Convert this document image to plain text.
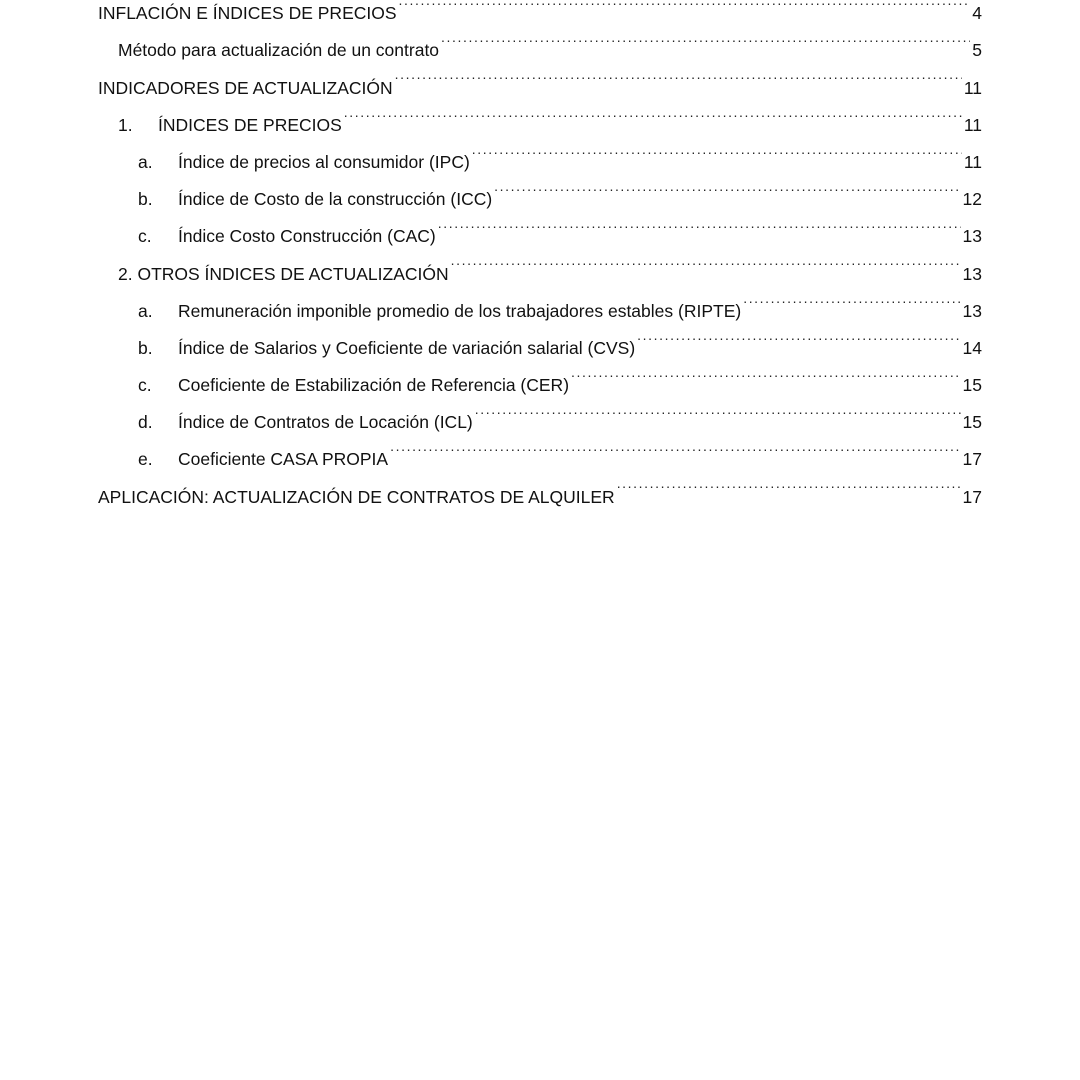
INFLACIÓN E ÍNDICES DE PRECIOS .....	4
Método para actualización de un contrato .....	5
INDICADORES DE ACTUALIZACIÓN .....	11
1.	ÍNDICES DE PRECIOS .....	11
a.	Índice de precios al consumidor (IPC) .....	11
b.	Índice de Costo de la construcción (ICC) .....	12
c.	Índice Costo Construcción (CAC) .....	13
2. OTROS ÍNDICES DE ACTUALIZACIÓN .....	13
a.	Remuneración imponible promedio de los trabajadores estables (RIPTE) .....	13
b.	Índice de Salarios y Coeficiente de variación salarial (CVS) .....	14
c.	Coeficiente de Estabilización de Referencia (CER) .....	15
d.	Índice de Contratos de Locación (ICL) .....	15
e.	Coeficiente CASA PROPIA .....	17
APLICACIÓN: ACTUALIZACIÓN DE CONTRATOS DE ALQUILER .....	17
